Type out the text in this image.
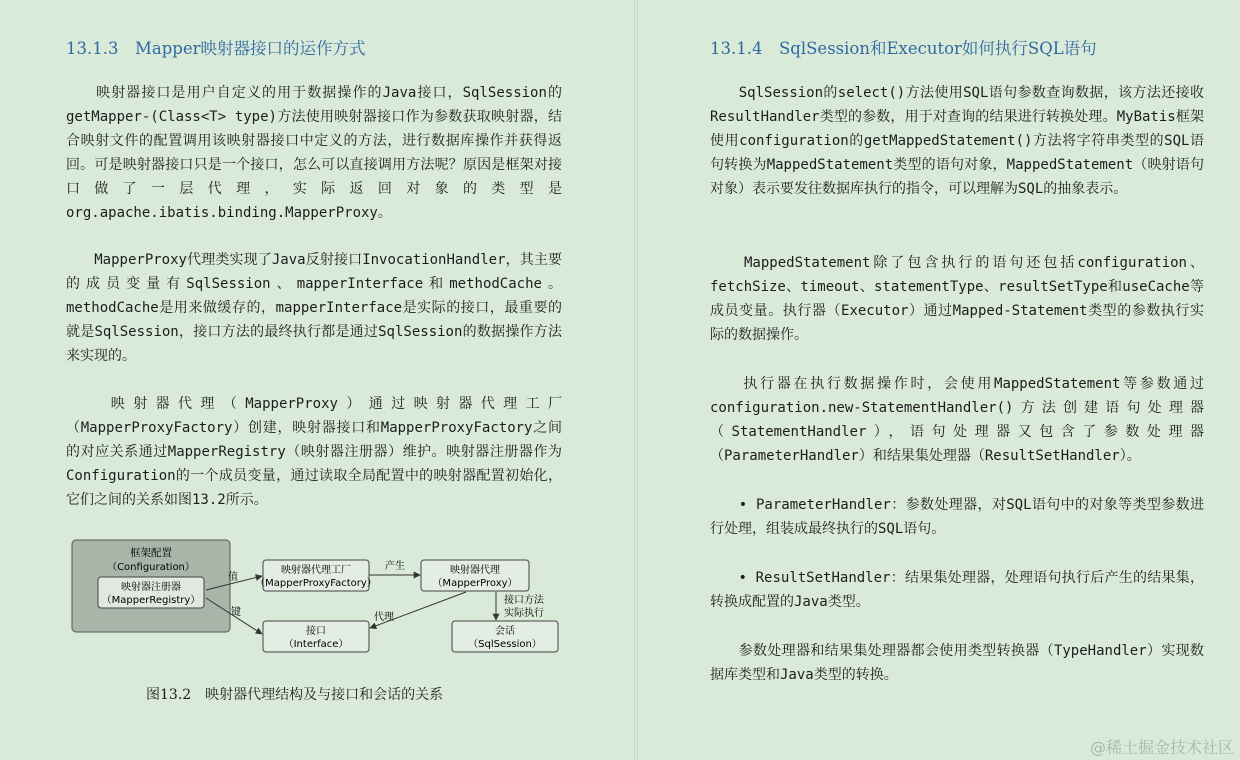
13.1.3　Mapper映射器接口的运作方式
　　映射器接口是用户自定义的用于数据操作的Java接口，SqlSession的getMapper-(Class<T> type)方法使用映射器接口作为参数获取映射器，结合映射文件的配置调用该映射器接口中定义的方法，进行数据库操作并获得返回。可是映射器接口只是一个接口，怎么可以直接调用方法呢？原因是框架对接口做了一层代理，实际返回对象的类型是org.apache.ibatis.binding.MapperProxy。
　　MapperProxy代理类实现了Java反射接口InvocationHandler，其主要的成员变量有SqlSession、mapperInterface和methodCache。methodCache是用来做缓存的，mapperInterface是实际的接口，最重要的就是SqlSession，接口方法的最终执行都是通过SqlSession的数据操作方法来实现的。
　　映射器代理（MapperProxy）通过映射器代理工厂（MapperProxyFactory）创建，映射器接口和MapperProxyFactory之间的对应关系通过MapperRegistry（映射器注册器）维护。映射器注册器作为Configuration的一个成员变量，通过读取全局配置中的映射器配置初始化，它们之间的关系如图13.2所示。
框架配置
（Configuration）
映射器注册器
（MapperRegistry）
映射器代理工厂
（MapperProxyFactory）
映射器代理
（MapperProxy）
接口
（Interface）
会话
（SqlSession）
值
键
产生
代理
接口方法
实际执行
图13.2　映射器代理结构及与接口和会话的关系
13.1.4　SqlSession和Executor如何执行SQL语句
　　SqlSession的select()方法使用SQL语句参数查询数据，该方法还接收ResultHandler类型的参数，用于对查询的结果进行转换处理。MyBatis框架使用configuration的getMappedStatement()方法将字符串类型的SQL语句转换为MappedStatement类型的语句对象，MappedStatement（映射语句对象）表示要发往数据库执行的指令，可以理解为SQL的抽象表示。
　　MappedStatement除了包含执行的语句还包括configuration、fetchSize、timeout、statementType、resultSetType和useCache等成员变量。执行器（Executor）通过Mapped-Statement类型的参数执行实际的数据操作。
　　执行器在执行数据操作时，会使用MappedStatement等参数通过configuration.new-StatementHandler()方法创建语句处理器（StatementHandler），语句处理器又包含了参数处理器（ParameterHandler）和结果集处理器（ResultSetHandler）。
　　• ParameterHandler：参数处理器，对SQL语句中的对象等类型参数进行处理，组装成最终执行的SQL语句。
　　• ResultSetHandler：结果集处理器，处理语句执行后产生的结果集，转换成配置的Java类型。
　　参数处理器和结果集处理器都会使用类型转换器（TypeHandler）实现数据库类型和Java类型的转换。
@稀土掘金技术社区
